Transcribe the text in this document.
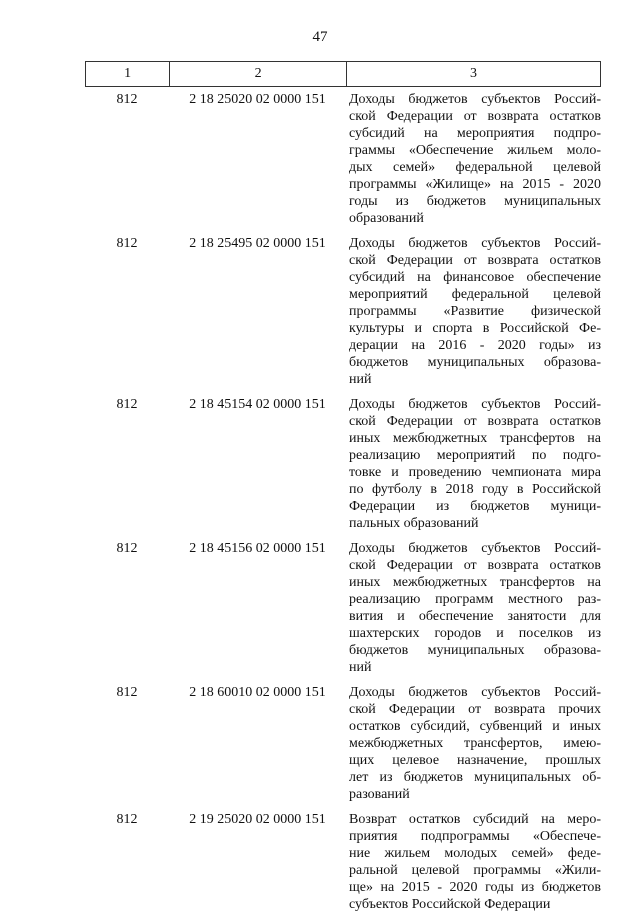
47
1	2	3
812	2 18 25020 02 0000 151	Доходы бюджетов субъектов Россий-
ской Федерации от возврата остатков
субсидий на мероприятия подпро-
граммы «Обеспечение жильем моло-
дых семей» федеральной целевой
программы «Жилище» на 2015 - 2020
годы из бюджетов муниципальных
образований
812	2 18 25495 02 0000 151	Доходы бюджетов субъектов Россий-
ской Федерации от возврата остатков
субсидий на финансовое обеспечение
мероприятий федеральной целевой
программы «Развитие физической
культуры и спорта в Российской Фе-
дерации на 2016 - 2020 годы» из
бюджетов муниципальных образова-
ний
812	2 18 45154 02 0000 151	Доходы бюджетов субъектов Россий-
ской Федерации от возврата остатков
иных межбюджетных трансфертов на
реализацию мероприятий по подго-
товке и проведению чемпионата мира
по футболу в 2018 году в Российской
Федерации из бюджетов муници-
пальных образований
812	2 18 45156 02 0000 151	Доходы бюджетов субъектов Россий-
ской Федерации от возврата остатков
иных межбюджетных трансфертов на
реализацию программ местного раз-
вития и обеспечение занятости для
шахтерских городов и поселков из
бюджетов муниципальных образова-
ний
812	2 18 60010 02 0000 151	Доходы бюджетов субъектов Россий-
ской Федерации от возврата прочих
остатков субсидий, субвенций и иных
межбюджетных трансфертов, имею-
щих целевое назначение, прошлых
лет из бюджетов муниципальных об-
разований
812	2 19 25020 02 0000 151	Возврат остатков субсидий на меро-
приятия подпрограммы «Обеспече-
ние жильем молодых семей» феде-
ральной целевой программы «Жили-
ще» на 2015 - 2020 годы из бюджетов
субъектов Российской Федерации
